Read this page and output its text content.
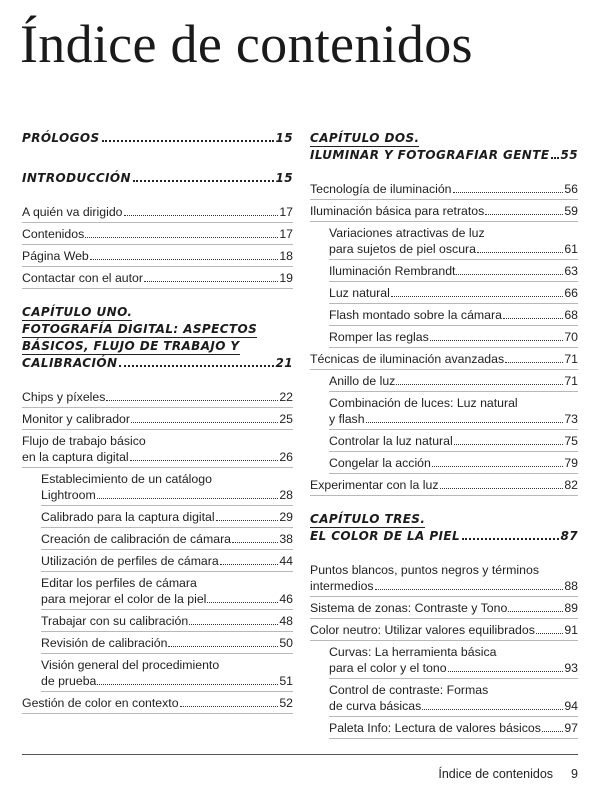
Índice de contenidos
PRÓLOGOS	15
INTRODUCCIÓN	15
A quién va dirigido	17
Contenidos	17
Página Web	18
Contactar con el autor	19
CAPÍTULO UNO.
FOTOGRAFÍA DIGITAL: ASPECTOS
BÁSICOS, FLUJO DE TRABAJO Y
CALIBRACIÓN	21
Chips y píxeles	22
Monitor y calibrador	25
Flujo de trabajo básico
en la captura digital	26
Establecimiento de un catálogo
Lightroom	28
Calibrado para la captura digital	29
Creación de calibración de cámara	38
Utilización de perfiles de cámara	44
Editar los perfiles de cámara
para mejorar el color de la piel	46
Trabajar con su calibración	48
Revisión de calibración	50
Visión general del procedimiento
de prueba	51
Gestión de color en contexto	52
CAPÍTULO DOS.
ILUMINAR Y FOTOGRAFIAR GENTE 55
Tecnología de iluminación	56
Iluminación básica para retratos	59
Variaciones atractivas de luz
para sujetos de piel oscura	61
Iluminación Rembrandt	63
Luz natural	66
Flash montado sobre la cámara	68
Romper las reglas	70
Técnicas de iluminación avanzadas	71
Anillo de luz	71
Combinación de luces: Luz natural
y flash	73
Controlar la luz natural	75
Congelar la acción	79
Experimentar con la luz	82
CAPÍTULO TRES.
EL COLOR DE LA PIEL	87
Puntos blancos, puntos negros y términos
intermedios	88
Sistema de zonas: Contraste y Tono	89
Color neutro: Utilizar valores equilibrados 91
Curvas: La herramienta básica
para el color y el tono	93
Control de contraste: Formas
de curva básicas	94
Paleta Info: Lectura de valores básicos 97
Índice de contenidos 9
